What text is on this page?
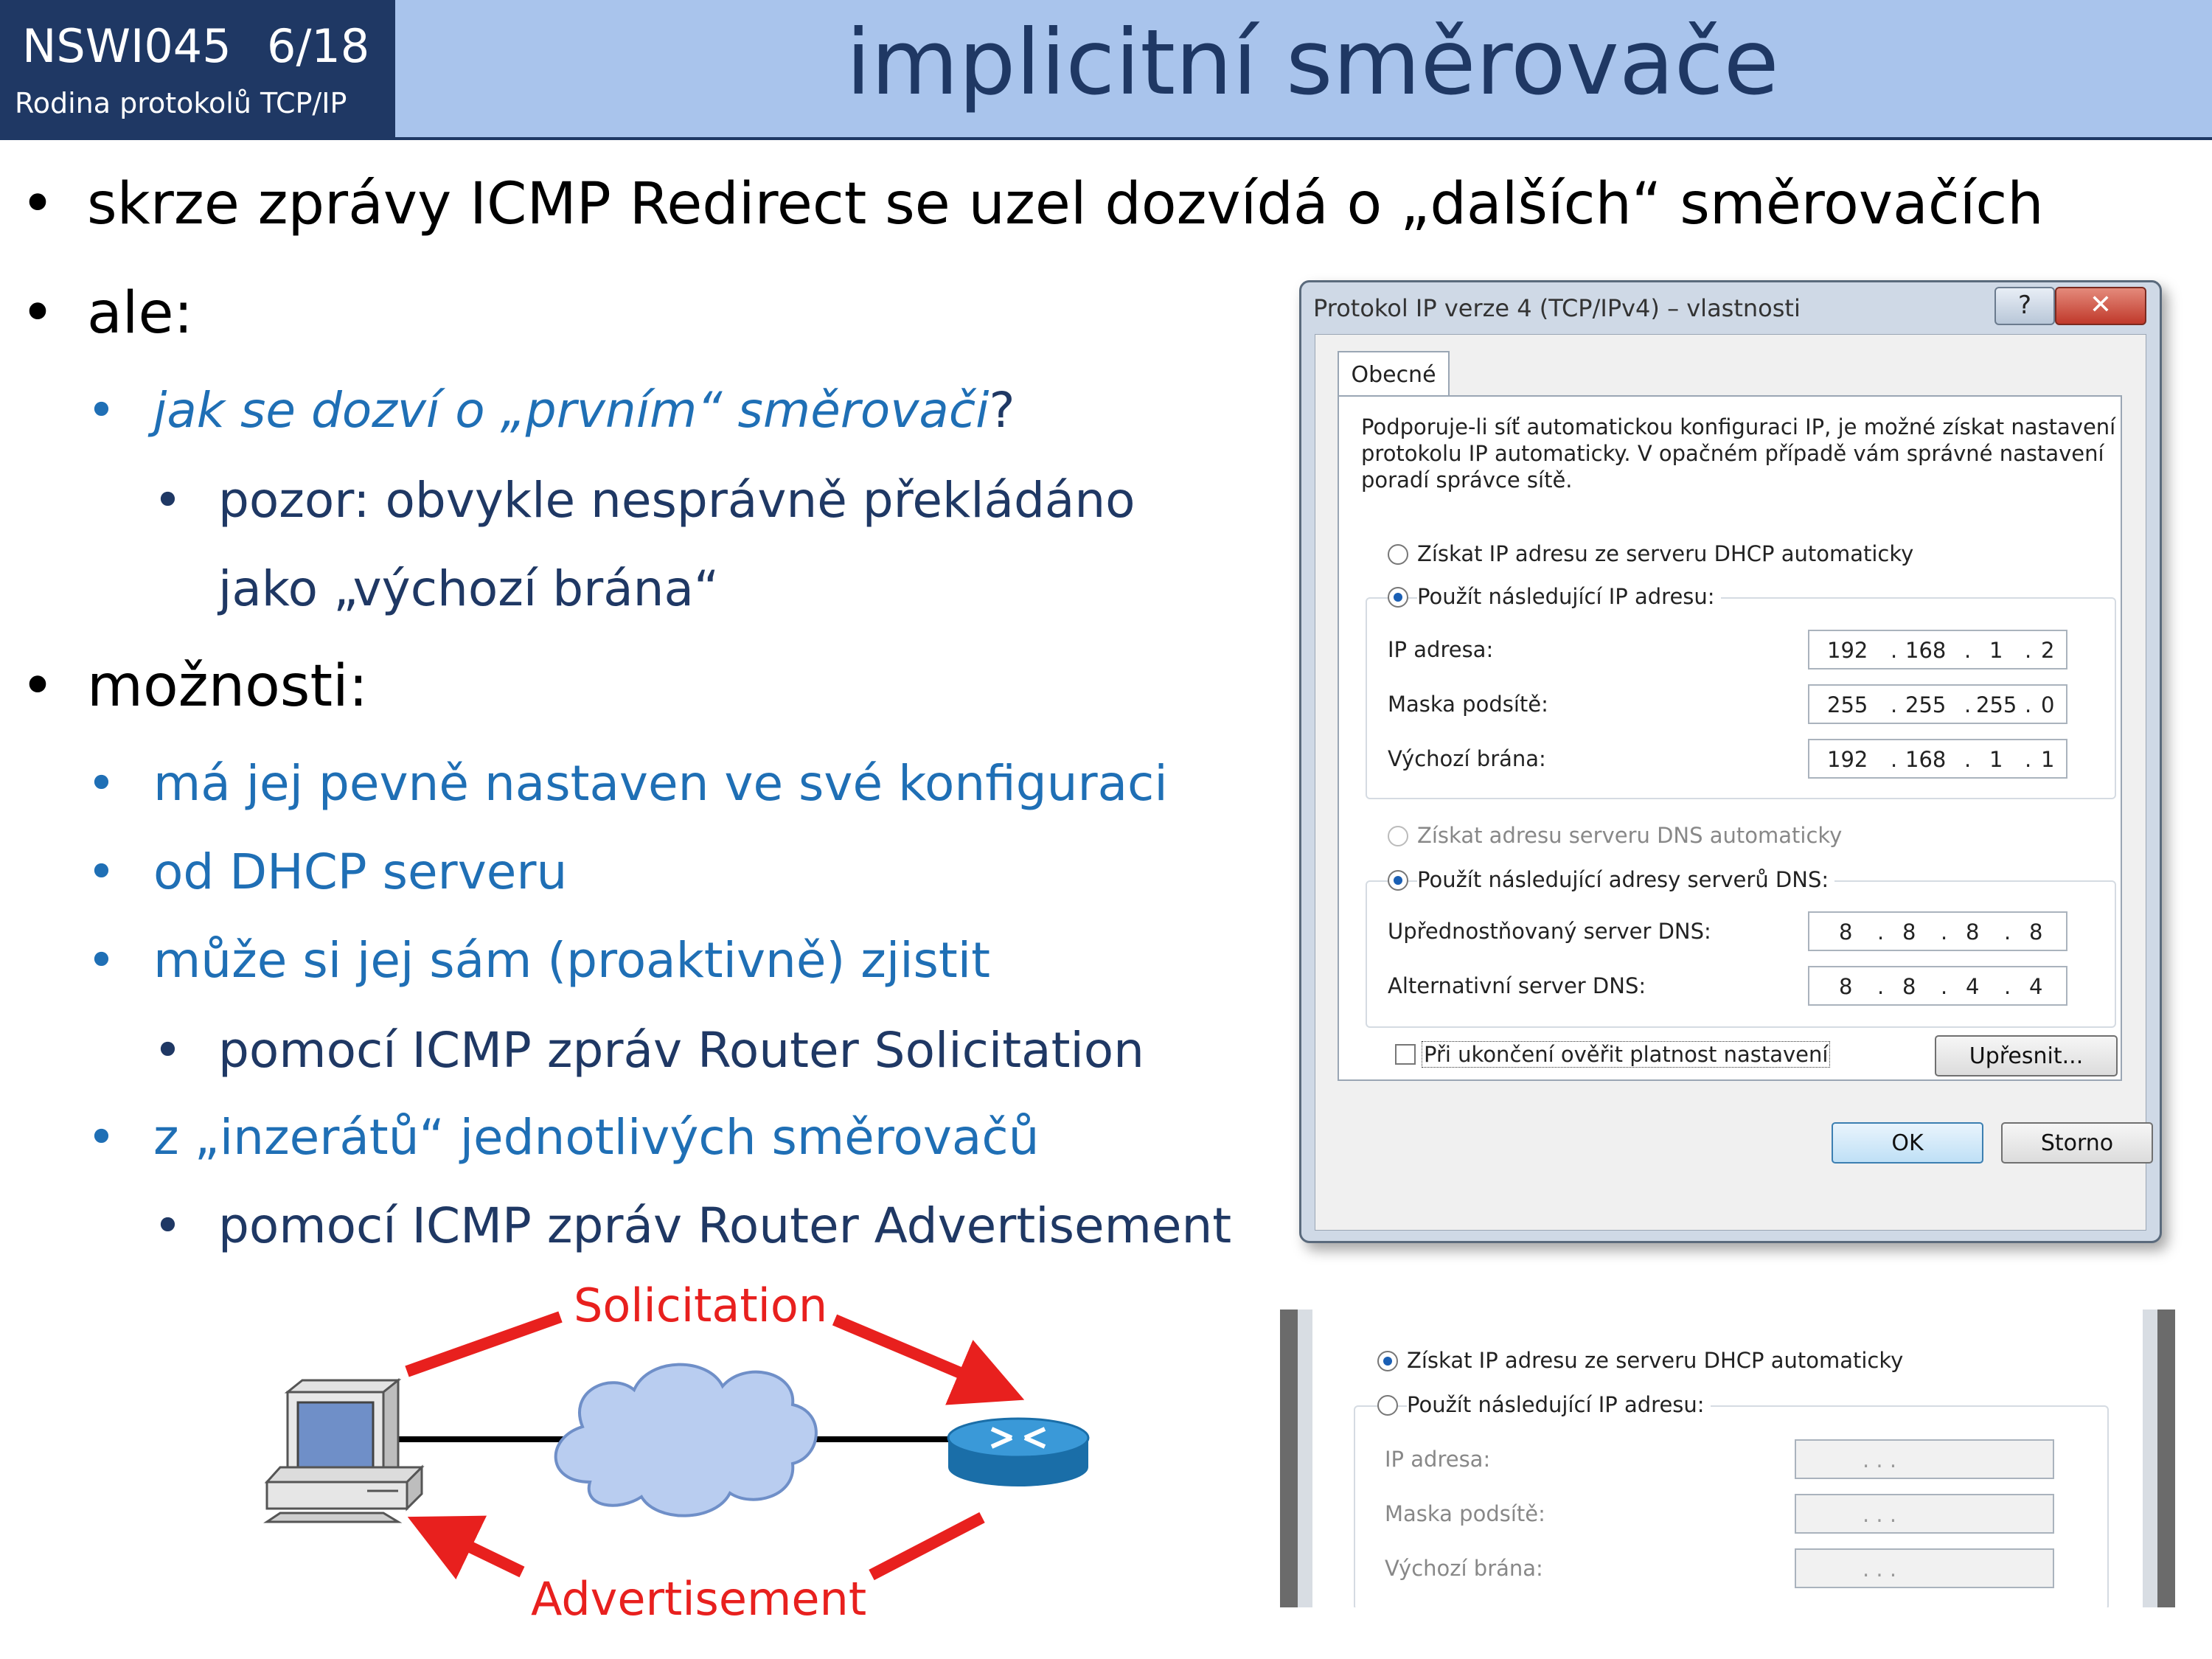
NSWI045 6/18
Rodina protokolů TCP/IP	implicitní směrovače
• skrze zprávy ICMP Redirect se uzel dozvídá o „dalších“ směrovačích
• ale:
• jak se dozví o „prvním“ směrovači?
• pozor: obvykle nesprávně překládáno
jako „výchozí brána“
• možnosti:
• má jej pevně nastaven ve své konfiguraci
• od DHCP serveru
• může si jej sám (proaktivně) zjistit
• pomocí ICMP zpráv Router Solicitation
• z „inzerátů“ jednotlivých směrovačů
• pomocí ICMP zpráv Router Advertisement
Protokol IP verze 4 (TCP/IPv4) – vlastnosti	?	✕
Obecné
Podporuje-li síť automatickou konfiguraci IP, je možné získat nastavení
protokolu IP automaticky. V opačném případě vám správné nastavení
poradí správce sítě.
Získat IP adresu ze serveru DHCP automaticky
Použít následující IP adresu:
IP adresa:	192 . 168 . 1 . 2
Maska podsítě:	255 . 255 . 255 . 0
Výchozí brána:	192 . 168 . 1 . 1
Získat adresu serveru DNS automaticky
Použít následující adresy serverů DNS:
Upřednostňovaný server DNS:	8 . 8 . 8 . 8
Alternativní server DNS:	8 . 8 . 4 . 4
Při ukončení ověřit platnost nastavení	Upřesnit...
OK	Storno
Získat IP adresu ze serveru DHCP automaticky
Použít následující IP adresu:
IP adresa:	. . .
Maska podsítě:	. . .
Výchozí brána:	. . .
Solicitation
Advertisement
